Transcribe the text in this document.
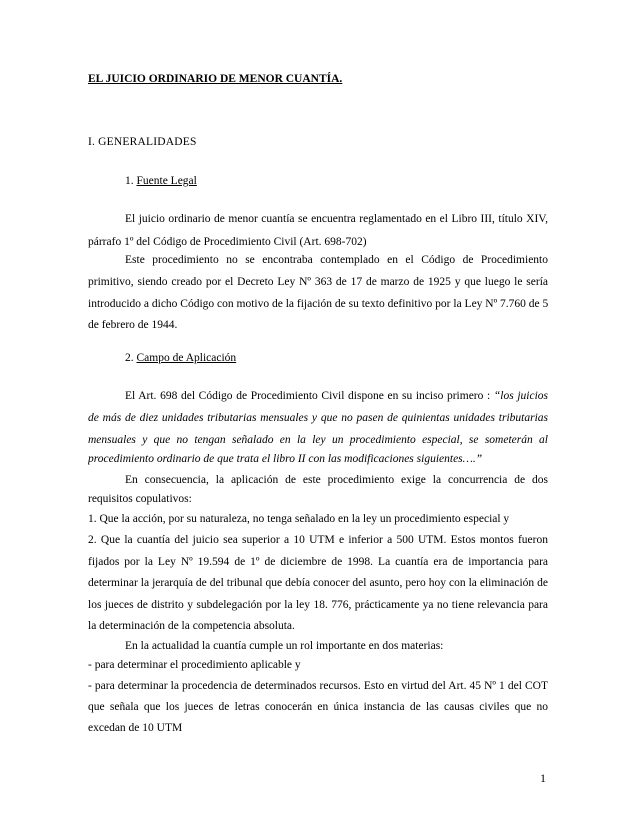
EL JUICIO ORDINARIO DE MENOR CUANTÍA.
I. GENERALIDADES
1. Fuente Legal
El juicio ordinario de menor cuantía se encuentra reglamentado en el Libro III, título XIV,
párrafo 1º del Código de Procedimiento Civil (Art. 698-702)
Este procedimiento no se encontraba contemplado en el Código de Procedimiento
primitivo, siendo creado por el Decreto Ley Nº 363 de 17 de marzo de 1925 y que luego le sería
introducido a dicho Código con motivo de la fijación de su texto definitivo por la Ley Nº 7.760 de 5
de febrero de 1944.
2. Campo de Aplicación
El Art. 698 del Código de Procedimiento Civil dispone en su inciso primero : “los juicios
de más de diez unidades tributarias mensuales y que no pasen de quinientas unidades tributarias
mensuales y que no tengan señalado en la ley un procedimiento especial, se someterán al
procedimiento ordinario de que trata el libro II con las modificaciones siguientes….”
En consecuencia, la aplicación de este procedimiento exige la concurrencia de dos
requisitos copulativos:
1. Que la acción, por su naturaleza, no tenga señalado en la ley un procedimiento especial y
2. Que la cuantía del juicio sea superior a 10 UTM e inferior a 500 UTM. Estos montos fueron
fijados por la Ley Nº 19.594 de 1º de diciembre de 1998. La cuantía era de importancia para
determinar la jerarquía de del tribunal que debía conocer del asunto, pero hoy con la eliminación de
los jueces de distrito y subdelegación por la ley 18. 776, prácticamente ya no tiene relevancia para
la determinación de la competencia absoluta.
En la actualidad la cuantía cumple un rol importante en dos materias:
- para determinar el procedimiento aplicable y
- para determinar la procedencia de determinados recursos. Esto en virtud del Art. 45 Nº 1 del COT
que señala que los jueces de letras conocerán en única instancia de las causas civiles que no
excedan de 10 UTM
1
